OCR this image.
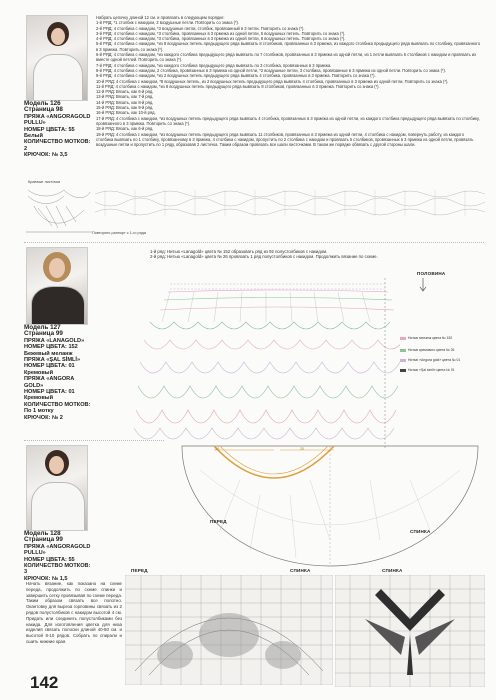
Модель 126 Страница 98
ПРЯЖА «ANGORAGOLD PULLU»
НОМЕР ЦВЕТА: 55 Белый
КОЛИЧЕСТВО МОТКОВ: 2
КРЮЧОК: № 3,5
Набрать цепочку длиной 12 см. и провязать в следующем порядке:
1-й РЯД: *1 столбик с накидом, 3 воздушные петли. Повторить со знака (*).
2-й РЯД: 4 столбика с накидом, *3 воздушные петли, столбик, провязанный в 3 петли. Повторить со знака (*).
3-й РЯД: 4 столбика с накидом, *3 столбика, провязанных в 3 прмежа из одной петли, 5 воздушных петель. Повторить со знака (*).
4-й РЯД: 4 столбика с накидом, *3 столбика, провязанных в 3 прмежа из одной петли, 8 воздушных петель. Повторить со знака (*).
5-й РЯД: 4 столбика с накидом, *из 8 воздушных петель предыдущего ряда вывязать 8 столбиков, провязанных в 3 прмежа, из каждого столбика предыдущего ряда вывязать по столбику, провязанного в 3 прмежа. Повторить со знака (*).
6-й РЯД: 4 столбика с накидом, *из каждого столбика предыдущего ряда вывязать по 7 столбиков, провязанных в 3 прмежа из одной петли, из 1 петли вывязать 6 столбиков с накидом и провязать их вместе одной петлей. Повторить со знака (*).
7-й РЯД: 4 столбика с накидом, *из каждого столбика предыдущего ряда вывязать по 3 столбика, провязанных в 3 прмежа.
8-й РЯД: 4 столбика с накидом, 2 столбика, провязанных в 3 прмежа из одной петли, *2 воздушные петли, 3 столбика, провязанные в 3 прмежа из одной петли. Повторить со знака (*).
9-й РЯД: 4 столбика с накидом, *из 2 воздушных петель предыдущего ряда вывязать 4 столбика, провязанных в 3 прмежа. Повторить со знака (*).
10-й РЯД: 4 столбика с накидом, *8 воздушных петель, из 2 воздушных петель предыдущего ряда вывязать 4 столбика, провязанных в 3 прмежа из одной петли. Повторить со знака (*).
11-й РЯД: 4 столбика с накидом, *из 8 воздушных петель предыдущего ряда вывязать 8 столбиков, провязанных в 3 прмежа. Повторить со знака (*).
12-й РЯД: Вязать, как 6-й ряд.
13-й РЯД: Вязать, как 7-й ряд.
14-й РЯД: Вязать, как 8-й ряд.
15-й РЯД: Вязать, как 9-й ряд.
16-й РЯД: Вязать, как 10-й ряд.
17-й РЯД: 4 столбика с накидом, *из воздушных петель предыдущего ряда вывязать 4 столбика, провязанных в 3 прмежа из одной петли, из каждого столбика предыдущего ряда вывязать по столбику, провязанного в 3 прмежа. Повторить со знака (*).
18-й РЯД: Вязать, как 6-й ряд.
19-й РЯД: 4 столбика с накидом, *из воздушных петель предыдущего ряда вывязать 11 столбиков, провязанных в 3 прмежа из одной петли, 4 столбика с накидом, повернуть работу, из каждого столбика вывязать по 1 столбику, провязанному в 3 прмежа, 4 столбика с накидом, пропустить по 2 столбика с накидом и провязать 5 столбиков, провязанных в 3 прмежа из одной петли, провязать воздушные петли и пропустить по 1 ряду, образовав 2 листочка. Таким образом провязать все шали листочками. В таком же порядке обвязать с другой стороны шали.
Краевые листочки
Повторять раппорт с 1-го ряда
Модель 127 Страница 99
ПРЯЖА «LANAGOLD»
НОМЕР ЦВЕТА: 152
Бежевый меланж
ПРЯЖА «ŞAL SİMLİ»
НОМЕР ЦВЕТА: 01
Кремовый
ПРЯЖА «ANGORA GOLD»
НОМЕР ЦВЕТА: 01
Кремовый
КОЛИЧЕСТВО МОТКОВ: По 1 мотку
КРЮЧОК: № 2
1-й ряд: Нитью «Lanagold» цвета № 152 образовать ряд из 92 полустолбиков с накидом.
2-й ряд: Нитью «Lanagold» цвета № 26 провязать 1 ряд полустолбиков с накидом. Продолжить вязание по схеме.
ПОЛОВИНА
Нитью меланж цвета № 152
Нитью кремового цвета № 26
Нитью «Angora gold» цвета № 01
Нитью «Şal simli» цвета № 01
Модель 128 Страница 99
ПРЯЖА «ANGORAGOLD PULLU»
НОМЕР ЦВЕТА: 55
КОЛИЧЕСТВО МОТКОВ: 3
КРЮЧОК: № 1,5
30	20
ПЕРЕД
СПИНКА
Начать вязание, как показано на схеме переда, продолжить по схеме спинки и завершить сетку провязывая по схеме переда. Таким образом связать все полотно. Окантовку для выреза горловины связать из 2 рядов полустолбиков с накидом высотой 4 см. Придать или соединить полустолбиками без накида. Для изготовления цветка для низа изделия связать полоски длиной 40-50 см. и высотой 8-10 рядов. Собрать по спирали и сшить нижние края.
ПЕРЕД	СПИНКА	СПИНКА
142
